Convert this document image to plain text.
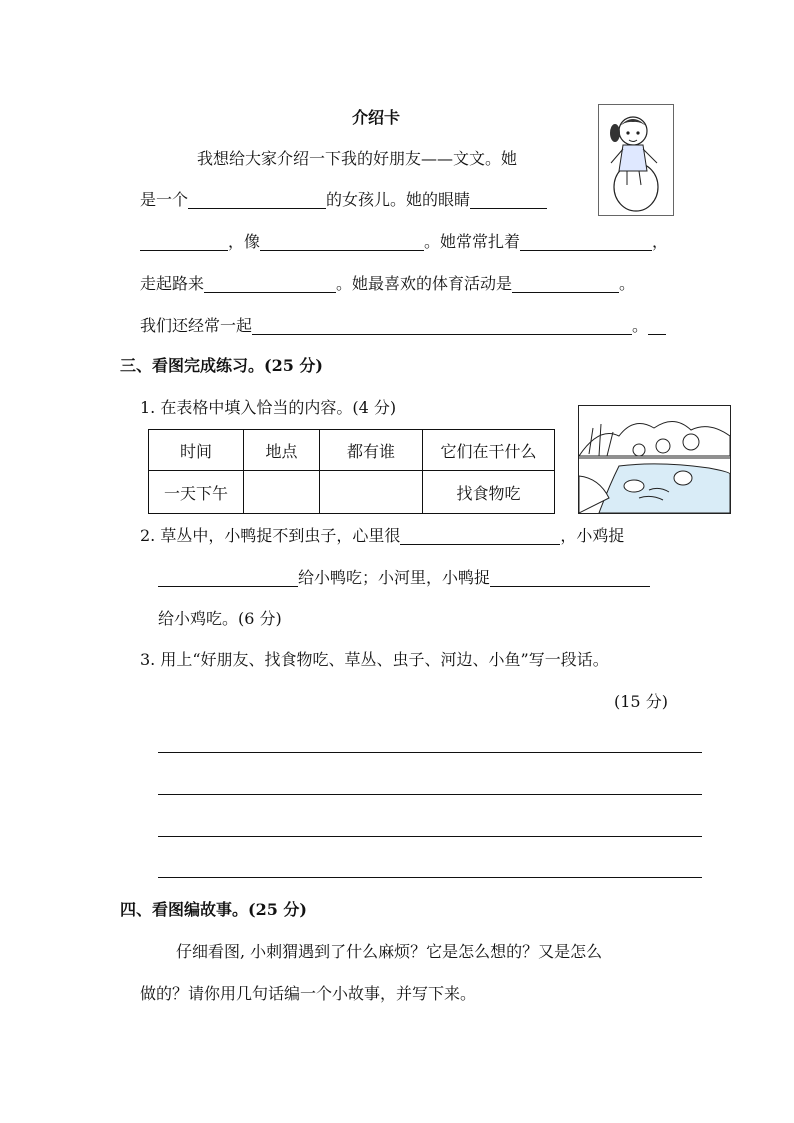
介绍卡
我想给大家介绍一下我的好朋友——文文。她
是一个	的女孩儿。她的眼睛
，像	。她常常扎着	，
走起路来	。她最喜欢的体育活动是	。
我们还经常一起	。
三、看图完成练习。(25 分)
1. 在表格中填入恰当的内容。(4 分)
时间	地点	都有谁	它们在干什么
一天下午			找食物吃
2. 草丛中，小鸭捉不到虫子，心里很	，小鸡捉
给小鸭吃；小河里，小鸭捉
给小鸡吃。(6 分)
3. 用上“好朋友、找食物吃、草丛、虫子、河边、小鱼”写一段话。
(15 分)
四、看图编故事。(25 分)
仔细看图, 小刺猬遇到了什么麻烦？它是怎么想的？又是怎么
做的？请你用几句话编一个小故事，并写下来。
